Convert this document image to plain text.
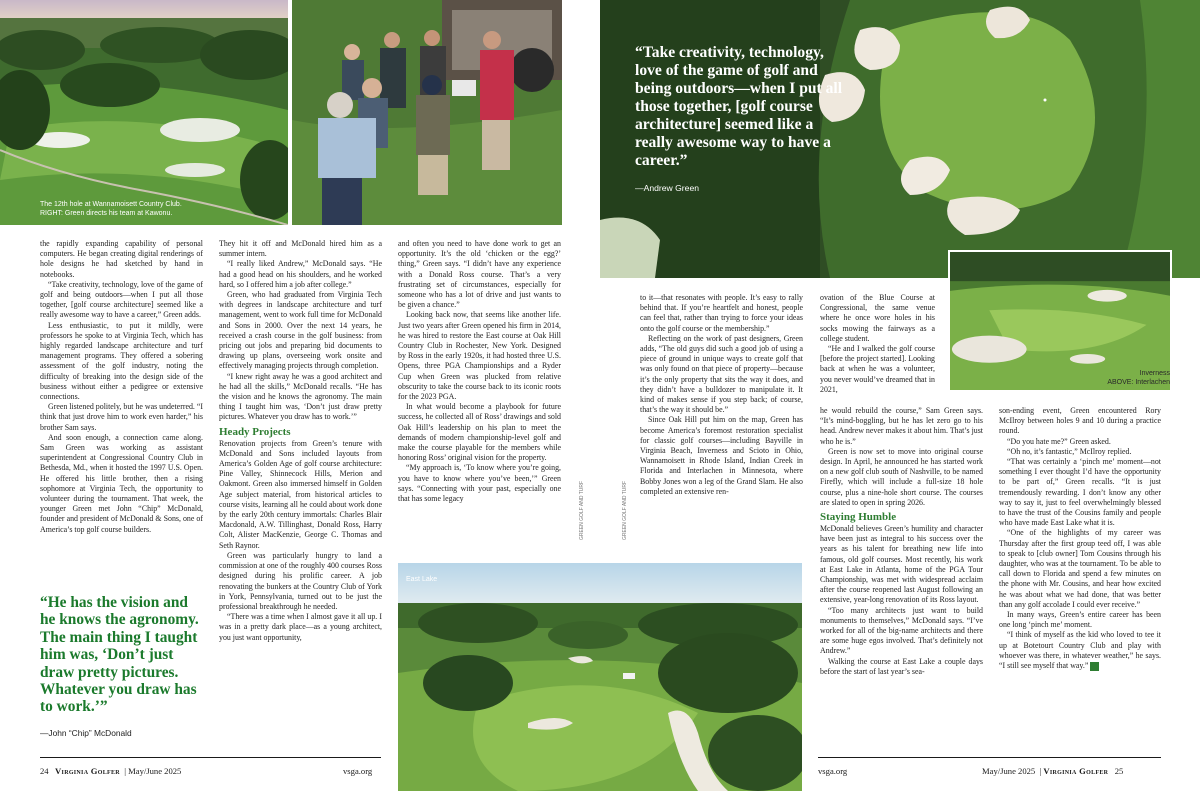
The 12th hole at Wannamoisett Country Club.
RIGHT: Green directs his team at Kawonu.
“Take creativity, technology, love of the game of golf and being outdoors—when I put all those together, [golf course architecture] seemed like a really awesome way to have a career.”
—Andrew Green
Inverness
ABOVE: Interlachen
East Lake
GREEN GOLF AND TURF	GREEN GOLF AND TURF

the rapidly expanding capability of personal computers. He began creating digital renderings of hole designs he had sketched by hand in notebooks.

“Take creativity, technology, love of the game of golf and being outdoors—when I put all those together, [golf course architecture] seemed like a really awesome way to have a career,” Green adds.

Less enthusiastic, to put it mildly, were professors he spoke to at Virginia Tech, which has highly regarded landscape architecture and turf management programs. They offered a sobering assessment of the golf industry, noting the difficulty of breaking into the design side of the business without either a pedigree or extensive connections.

Green listened politely, but he was undeterred. “I think that just drove him to work even harder,” his brother Sam says.

And soon enough, a connection came along. Sam Green was working as assistant superintendent at Congressional Country Club in Bethesda, Md., when it hosted the 1997 U.S. Open. He offered his little brother, then a rising sophomore at Virginia Tech, the opportunity to volunteer during the tournament. That week, the younger Green met John “Chip” McDonald, founder and president of McDonald & Sons, one of America’s top golf course builders.

“He has the vision and he knows the agronomy. The main thing I taught him was, ‘Don’t just draw pretty pictures. Whatever you draw has to work.’”
—John “Chip” McDonald

They hit it off and McDonald hired him as a summer intern.

“I really liked Andrew,” McDonald says. “He had a good head on his shoulders, and he worked hard, so I offered him a job after college.”

Green, who had graduated from Virginia Tech with degrees in landscape architecture and turf management, went to work full time for McDonald and Sons in 2000. Over the next 14 years, he received a crash course in the golf business: from pricing out jobs and preparing bid documents to drawing up plans, overseeing work onsite and effectively managing projects through completion.

“I knew right away he was a good architect and he had all the skills,” McDonald recalls. “He has the vision and he knows the agronomy. The main thing I taught him was, ‘Don’t just draw pretty pictures. Whatever you draw has to work.’”

Heady Projects

Renovation projects from Green’s tenure with McDonald and Sons included layouts from America’s Golden Age of golf course architecture: Pine Valley, Shinnecock Hills, Merion and Oakmont. Green also immersed himself in Golden Age subject material, from historical articles to course visits, learning all he could about work done by the early 20th century immortals: Charles Blair Macdonald, A.W. Tillinghast, Donald Ross, Harry Colt, Alister MacKenzie, George C. Thomas and Seth Raynor.

Green was particularly hungry to land a commission at one of the roughly 400 courses Ross designed during his prolific career. A job renovating the bunkers at the Country Club of York in York, Pennsylvania, turned out to be just the professional breakthrough he needed.

“There was a time when I almost gave it all up. I was in a pretty dark place—as a young architect, you just want opportunity,

and often you need to have done work to get an opportunity. It’s the old ‘chicken or the egg?’ thing,” Green says. “I didn’t have any experience with a Donald Ross course. That’s a very frustrating set of circumstances, especially for someone who has a lot of drive and just wants to be given a chance.”

Looking back now, that seems like another life. Just two years after Green opened his firm in 2014, he was hired to restore the East course at Oak Hill Country Club in Rochester, New York. Designed by Ross in the early 1920s, it had hosted three U.S. Opens, three PGA Championships and a Ryder Cup when Green was plucked from relative obscurity to take the course back to its iconic roots for the 2023 PGA.

In what would become a playbook for future success, he collected all of Ross’ drawings and sold Oak Hill’s leadership on his plan to meet the demands of modern championship-level golf and make the course playable for the members while honoring Ross’ original vision for the property.

“My approach is, ‘To know where you’re going, you have to know where you’ve been,’” Green says. “Connecting with your past, especially one that has some legacy

to it—that resonates with people. It’s easy to rally behind that. If you’re heartfelt and honest, people can feel that, rather than trying to force your ideas onto the golf course or the membership.”

Reflecting on the work of past designers, Green adds, “The old guys did such a good job of using a piece of ground in unique ways to create golf that was only found on that piece of property—because it’s the only property that sits the way it does, and they didn’t have a bulldozer to manipulate it. It kind of makes sense if you step back; of course, that’s the way it should be.”

Since Oak Hill put him on the map, Green has become America’s foremost restoration specialist for classic golf courses—including Bayville in Virginia Beach, Inverness and Scioto in Ohio, Wannamoisett in Rhode Island, Indian Creek in Florida and Interlachen in Minnesota, where Bobby Jones won a leg of the Grand Slam. He also completed an extensive ren-

ovation of the Blue Course at Congressional, the same venue where he once wore holes in his socks mowing the fairways as a college student.

“He and I walked the golf course [before the project started]. Looking back at when he was a volunteer, you never would’ve dreamed that in 2021,

he would rebuild the course,” Sam Green says. “It’s mind-boggling, but he has let zero go to his head. Andrew never makes it about him. That’s just who he is.”

Green is now set to move into original course design. In April, he announced he has started work on a new golf club south of Nashville, to be named Firefly, which will include a full-size 18 hole course, plus a nine-hole short course. The courses are slated to open in spring 2026.

Staying Humble

McDonald believes Green’s humility and character have been just as integral to his success over the years as his talent for breathing new life into famous, old golf courses. Most recently, his work at East Lake in Atlanta, home of the PGA Tour Championship, was met with widespread acclaim after the course reopened last August following an extensive, year-long renovation of its Ross layout.

“Too many architects just want to build monuments to themselves,” McDonald says. “I’ve worked for all of the big-name architects and there are some huge egos involved. That’s definitely not Andrew.”

Walking the course at East Lake a couple days before the start of last year’s sea-

son-ending event, Green encountered Rory McIlroy between holes 9 and 10 during a practice round.

“Do you hate me?” Green asked.

“Oh no, it’s fantastic,” McIlroy replied.

“That was certainly a ‘pinch me’ moment—not something I ever thought I’d have the opportunity to be part of,” Green recalls. “It is just tremendously rewarding. I don’t know any other way to say it, just to feel overwhelmingly blessed to have the trust of the Cousins family and people who have made East Lake what it is.

“One of the highlights of my career was Thursday after the first group teed off, I was able to speak to [club owner] Tom Cousins through his daughter, who was at the tournament. To be able to call down to Florida and spend a few minutes on the phone with Mr. Cousins, and hear how excited he was about what we had done, that was better than any golf accolade I could ever receive.”

In many ways, Green’s entire career has been one long ‘pinch me’ moment.

“I think of myself as the kid who loved to tee it up at Botetourt Country Club and play with whoever was there, in whatever weather,” he says. “I still see myself that way.”

24 Virginia Golfer  | May/June 2025	vsga.org	vsga.org	May/June 2025  | Virginia Golfer 25
